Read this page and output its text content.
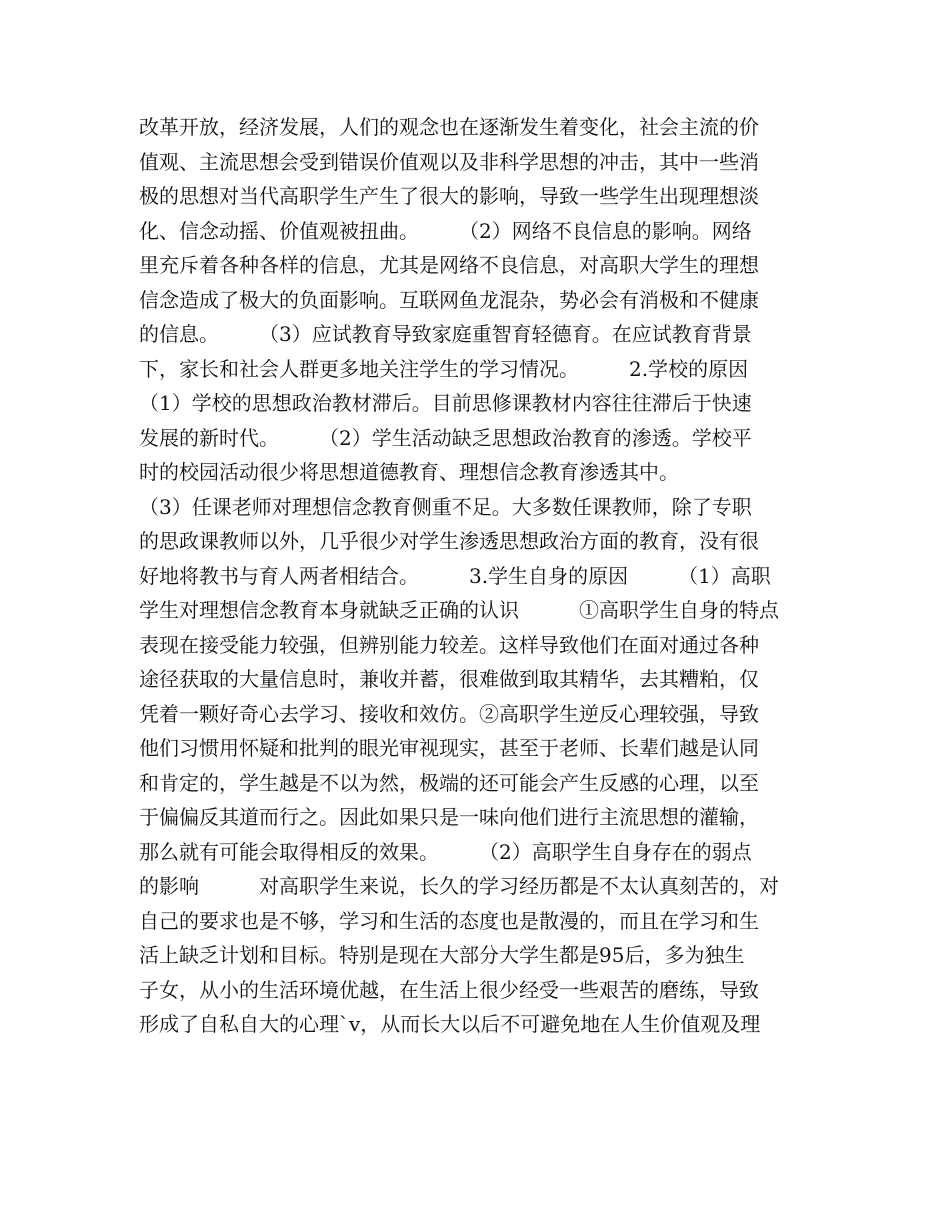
改革开放，经济发展，人们的观念也在逐渐发生着变化，社会主流的价
值观、主流思想会受到错误价值观以及非科学思想的冲击，其中一些消
极的思想对当代高职学生产生了很大的影响，导致一些学生出现理想淡
化、信念动摇、价值观被扭曲。　　　（2）网络不良信息的影响。网络
里充斥着各种各样的信息，尤其是网络不良信息，对高职大学生的理想
信念造成了极大的负面影响。互联网鱼龙混杂，势必会有消极和不健康
的信息。　　　（3）应试教育导致家庭重智育轻德育。在应试教育背景
下，家长和社会人群更多地关注学生的学习情况。　　　2.学校的原因
（1）学校的思想政治教材滞后。目前思修课教材内容往往滞后于快速
发展的新时代。　　　（2）学生活动缺乏思想政治教育的渗透。学校平
时的校园活动很少将思想道德教育、理想信念教育渗透其中。
（3）任课老师对理想信念教育侧重不足。大多数任课教师，除了专职
的思政课教师以外，几乎很少对学生渗透思想政治方面的教育，没有很
好地将教书与育人两者相结合。　　　3.学生自身的原因　　　（1）高职
学生对理想信念教育本身就缺乏正确的认识　　　①高职学生自身的特点
表现在接受能力较强，但辨别能力较差。这样导致他们在面对通过各种
途径获取的大量信息时，兼收并蓄，很难做到取其精华，去其糟粕，仅
凭着一颗好奇心去学习、接收和效仿。②高职学生逆反心理较强，导致
他们习惯用怀疑和批判的眼光审视现实，甚至于老师、长辈们越是认同
和肯定的，学生越是不以为然，极端的还可能会产生反感的心理，以至
于偏偏反其道而行之。因此如果只是一味向他们进行主流思想的灌输，
那么就有可能会取得相反的效果。　　　（2）高职学生自身存在的弱点
的影响　　　对高职学生来说，长久的学习经历都是不太认真刻苦的，对
自己的要求也是不够，学习和生活的态度也是散漫的，而且在学习和生
活上缺乏计划和目标。特别是现在大部分大学生都是95后，多为独生
子女，从小的生活环境优越，在生活上很少经受一些艰苦的磨练，导致
形成了自私自大的心理`v，从而长大以后不可避免地在人生价值观及理
